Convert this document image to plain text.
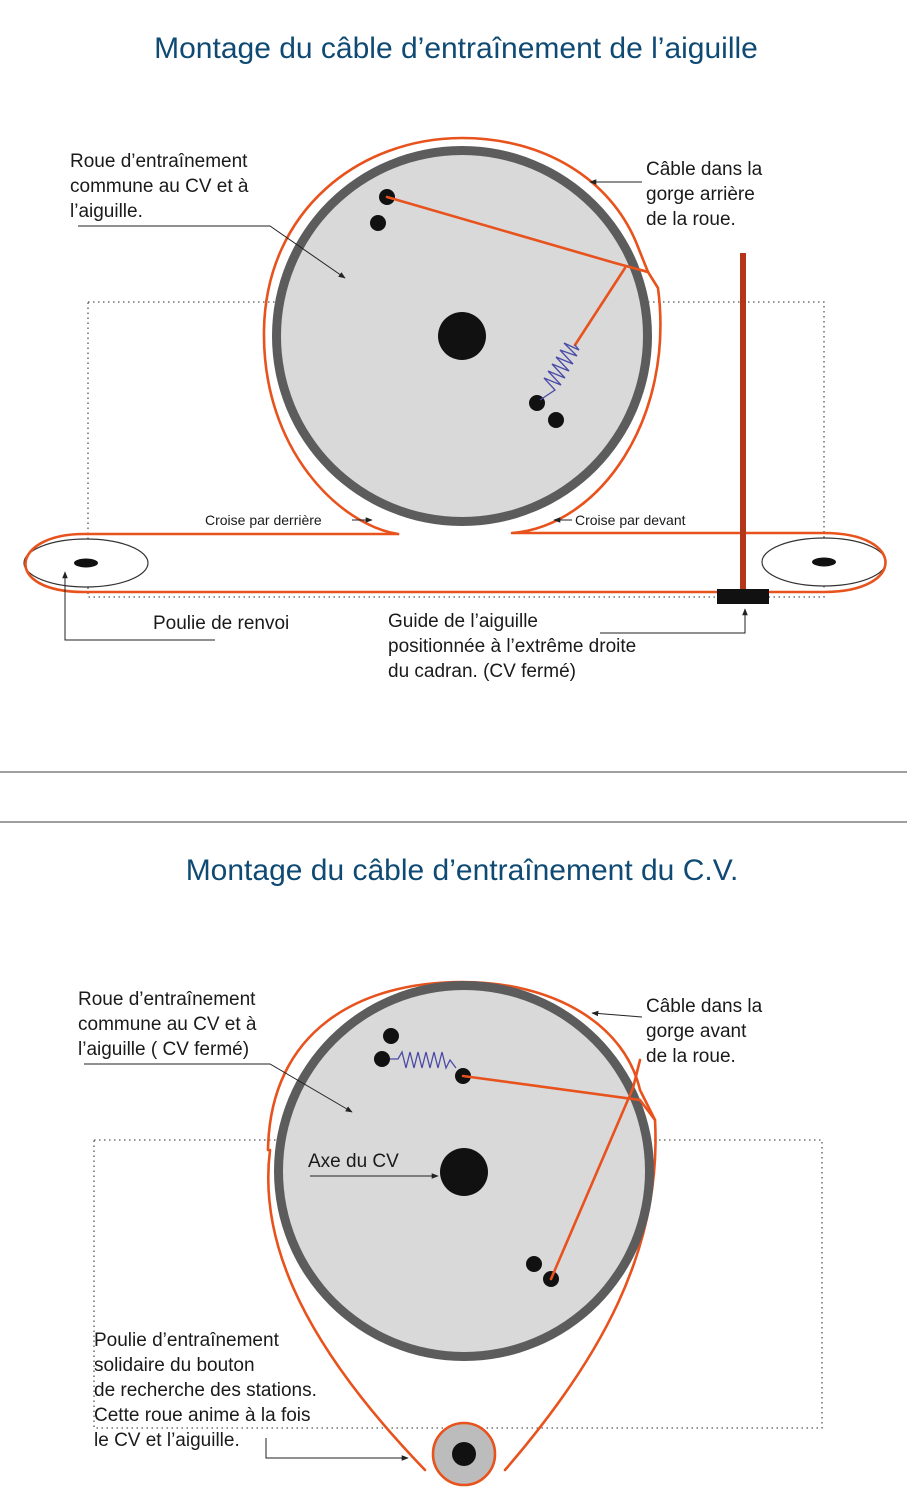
Montage du câble d’entraînement de l’aiguille
Roue d’entraînement commune au CV et à l’aiguille.
Câble dans la gorge arrière de la roue.
Croise par derrière	Croise par devant
Poulie de renvoi	Guide de l’aiguille positionnée à l’extrême droite du cadran. (CV fermé)
Montage du câble d’entraînement du C.V.
Roue d’entraînement commune au CV et à l’aiguille ( CV fermé)
Câble dans la gorge avant de la roue.
Axe du CV
Poulie d’entraînement solidaire du bouton de recherche des stations. Cette roue anime à la fois le CV et l’aiguille.
